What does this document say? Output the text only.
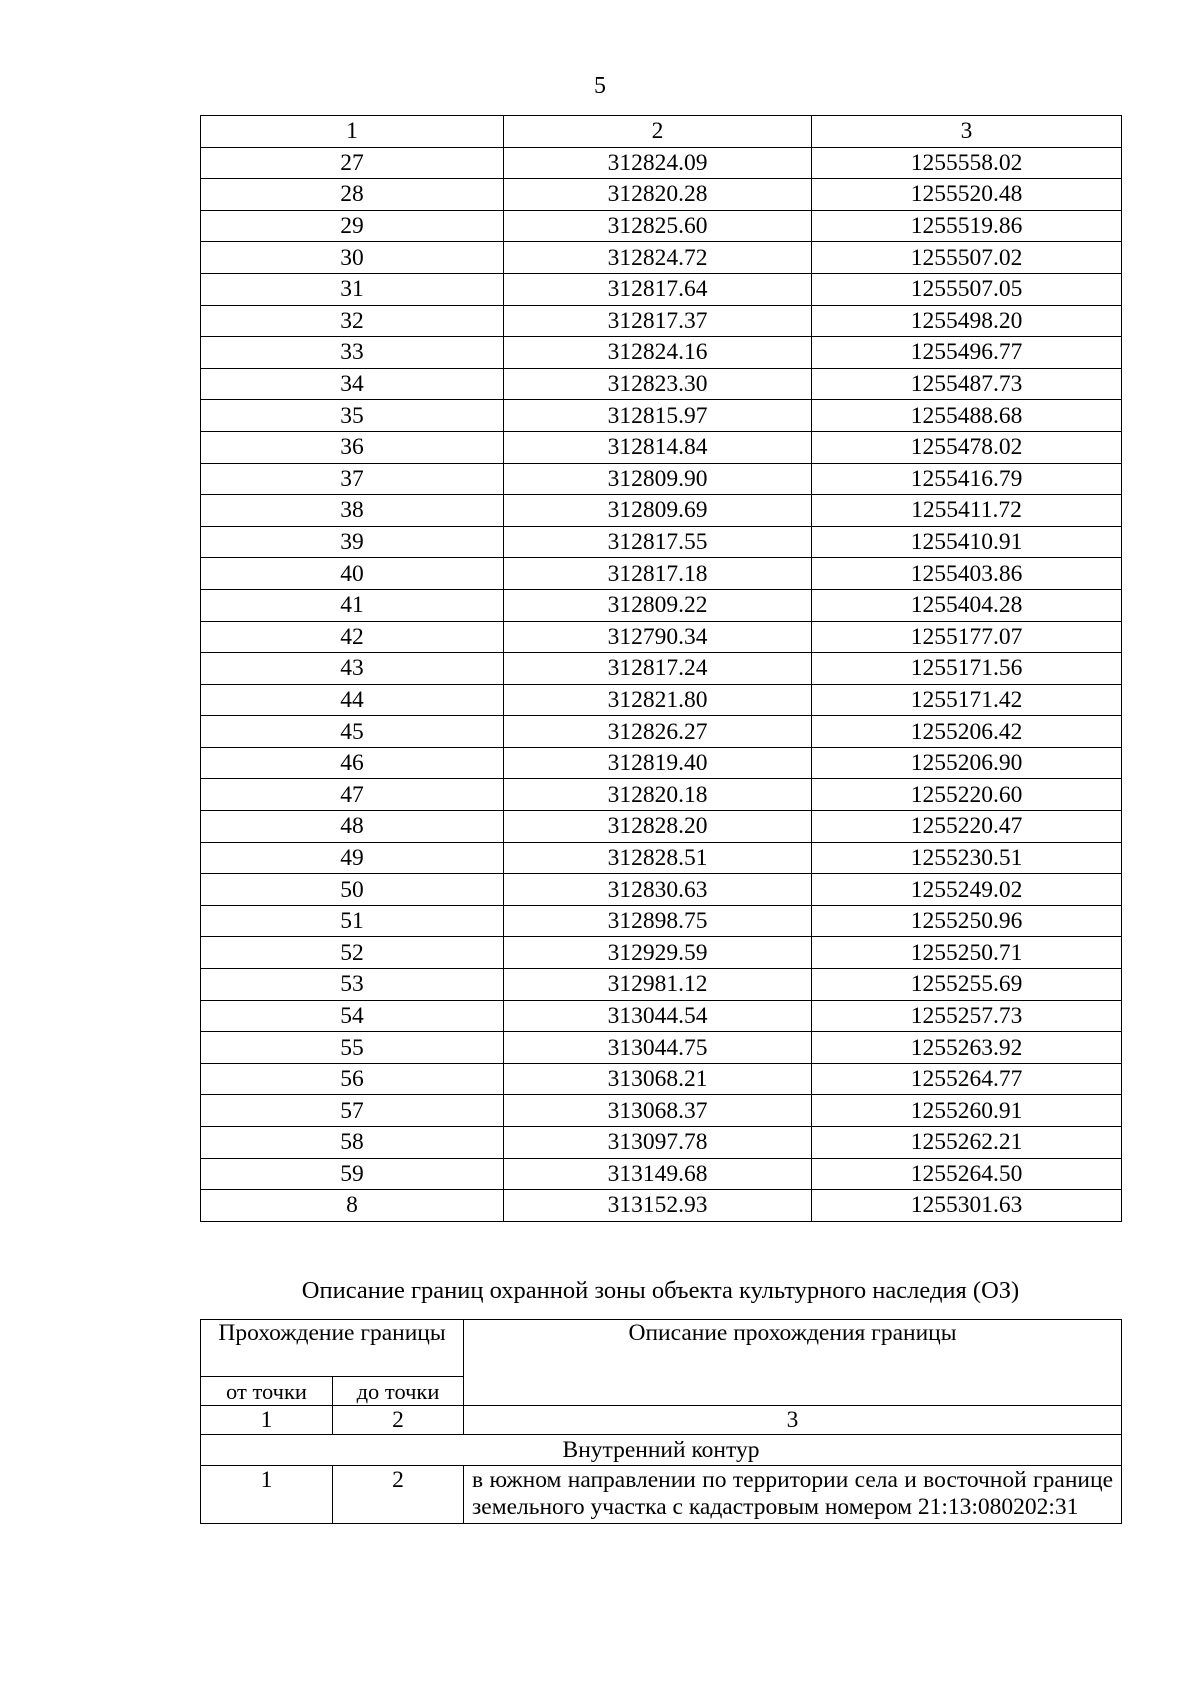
5
1	2	3
27	312824.09	1255558.02
28	312820.28	1255520.48
29	312825.60	1255519.86
30	312824.72	1255507.02
31	312817.64	1255507.05
32	312817.37	1255498.20
33	312824.16	1255496.77
34	312823.30	1255487.73
35	312815.97	1255488.68
36	312814.84	1255478.02
37	312809.90	1255416.79
38	312809.69	1255411.72
39	312817.55	1255410.91
40	312817.18	1255403.86
41	312809.22	1255404.28
42	312790.34	1255177.07
43	312817.24	1255171.56
44	312821.80	1255171.42
45	312826.27	1255206.42
46	312819.40	1255206.90
47	312820.18	1255220.60
48	312828.20	1255220.47
49	312828.51	1255230.51
50	312830.63	1255249.02
51	312898.75	1255250.96
52	312929.59	1255250.71
53	312981.12	1255255.69
54	313044.54	1255257.73
55	313044.75	1255263.92
56	313068.21	1255264.77
57	313068.37	1255260.91
58	313097.78	1255262.21
59	313149.68	1255264.50
8	313152.93	1255301.63
Описание границ охранной зоны объекта культурного наследия (ОЗ)
Прохождение границы		Описание прохождения границы
от точки	до точки	
1	2	3
Внутренний контур		
1	2	в южном направлении по территории села и восточной границе земельного участка с кадастровым номером 21:13:080202:31
